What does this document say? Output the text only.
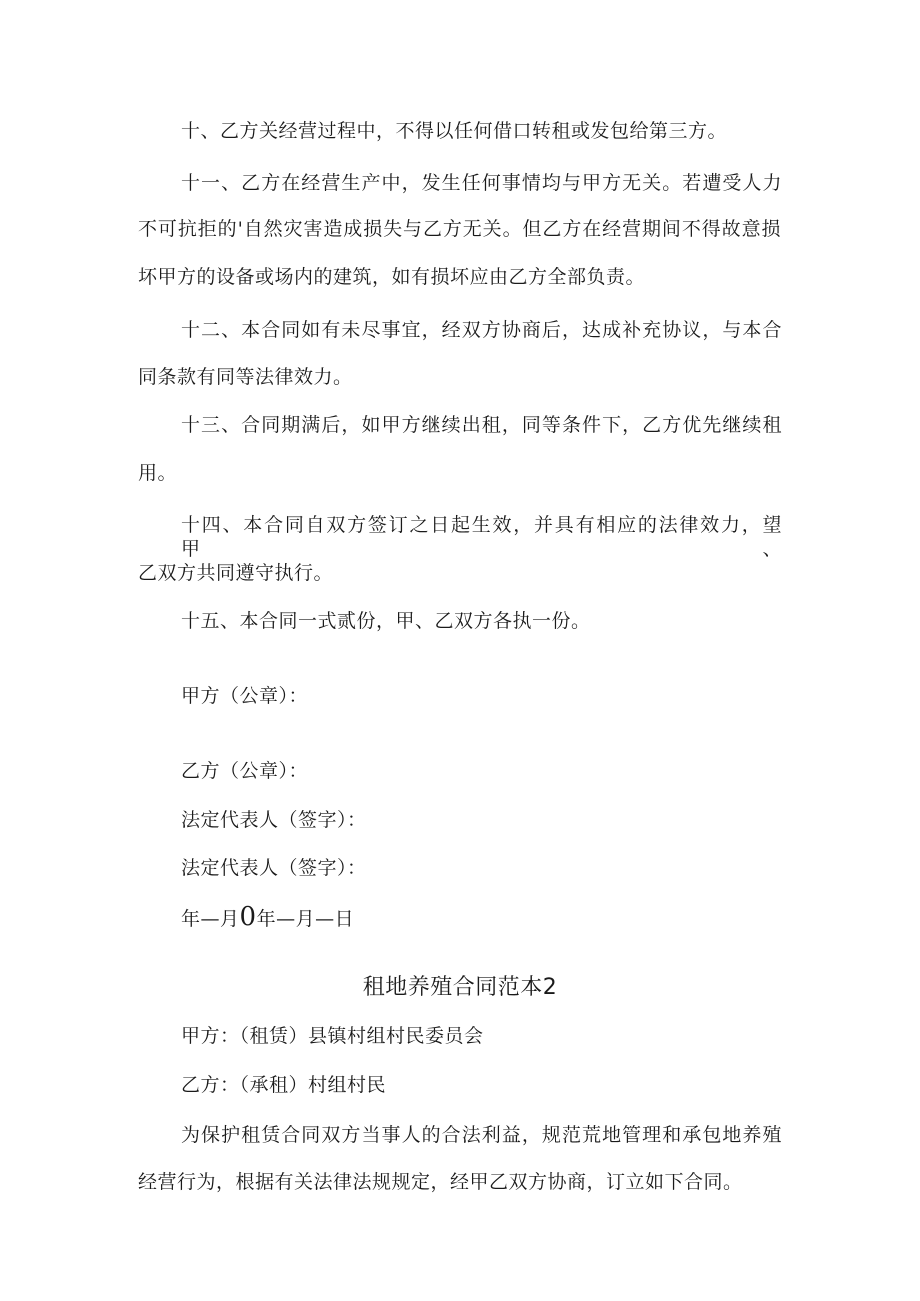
十、乙方关经营过程中，不得以任何借口转租或发包给第三方。
十一、乙方在经营生产中，发生任何事情均与甲方无关。若遭受人力
不可抗拒的'自然灾害造成损失与乙方无关。但乙方在经营期间不得故意损
坏甲方的设备或场内的建筑，如有损坏应由乙方全部负责。
十二、本合同如有未尽事宜，经双方协商后，达成补充协议，与本合
同条款有同等法律效力。
十三、合同期满后，如甲方继续出租，同等条件下，乙方优先继续租
用。
十四、本合同自双方签订之日起生效，并具有相应的法律效力，望甲、
乙双方共同遵守执行。
十五、本合同一式贰份，甲、乙双方各执一份。
甲方（公章）：
乙方（公章）：
法定代表人（签字）：
法定代表人（签字）：
年—月0年—月—日
租地养殖合同范本2
甲方：（租赁）县镇村组村民委员会
乙方：（承租）村组村民
为保护租赁合同双方当事人的合法利益，规范荒地管理和承包地养殖
经营行为，根据有关法律法规规定，经甲乙双方协商，订立如下合同。
